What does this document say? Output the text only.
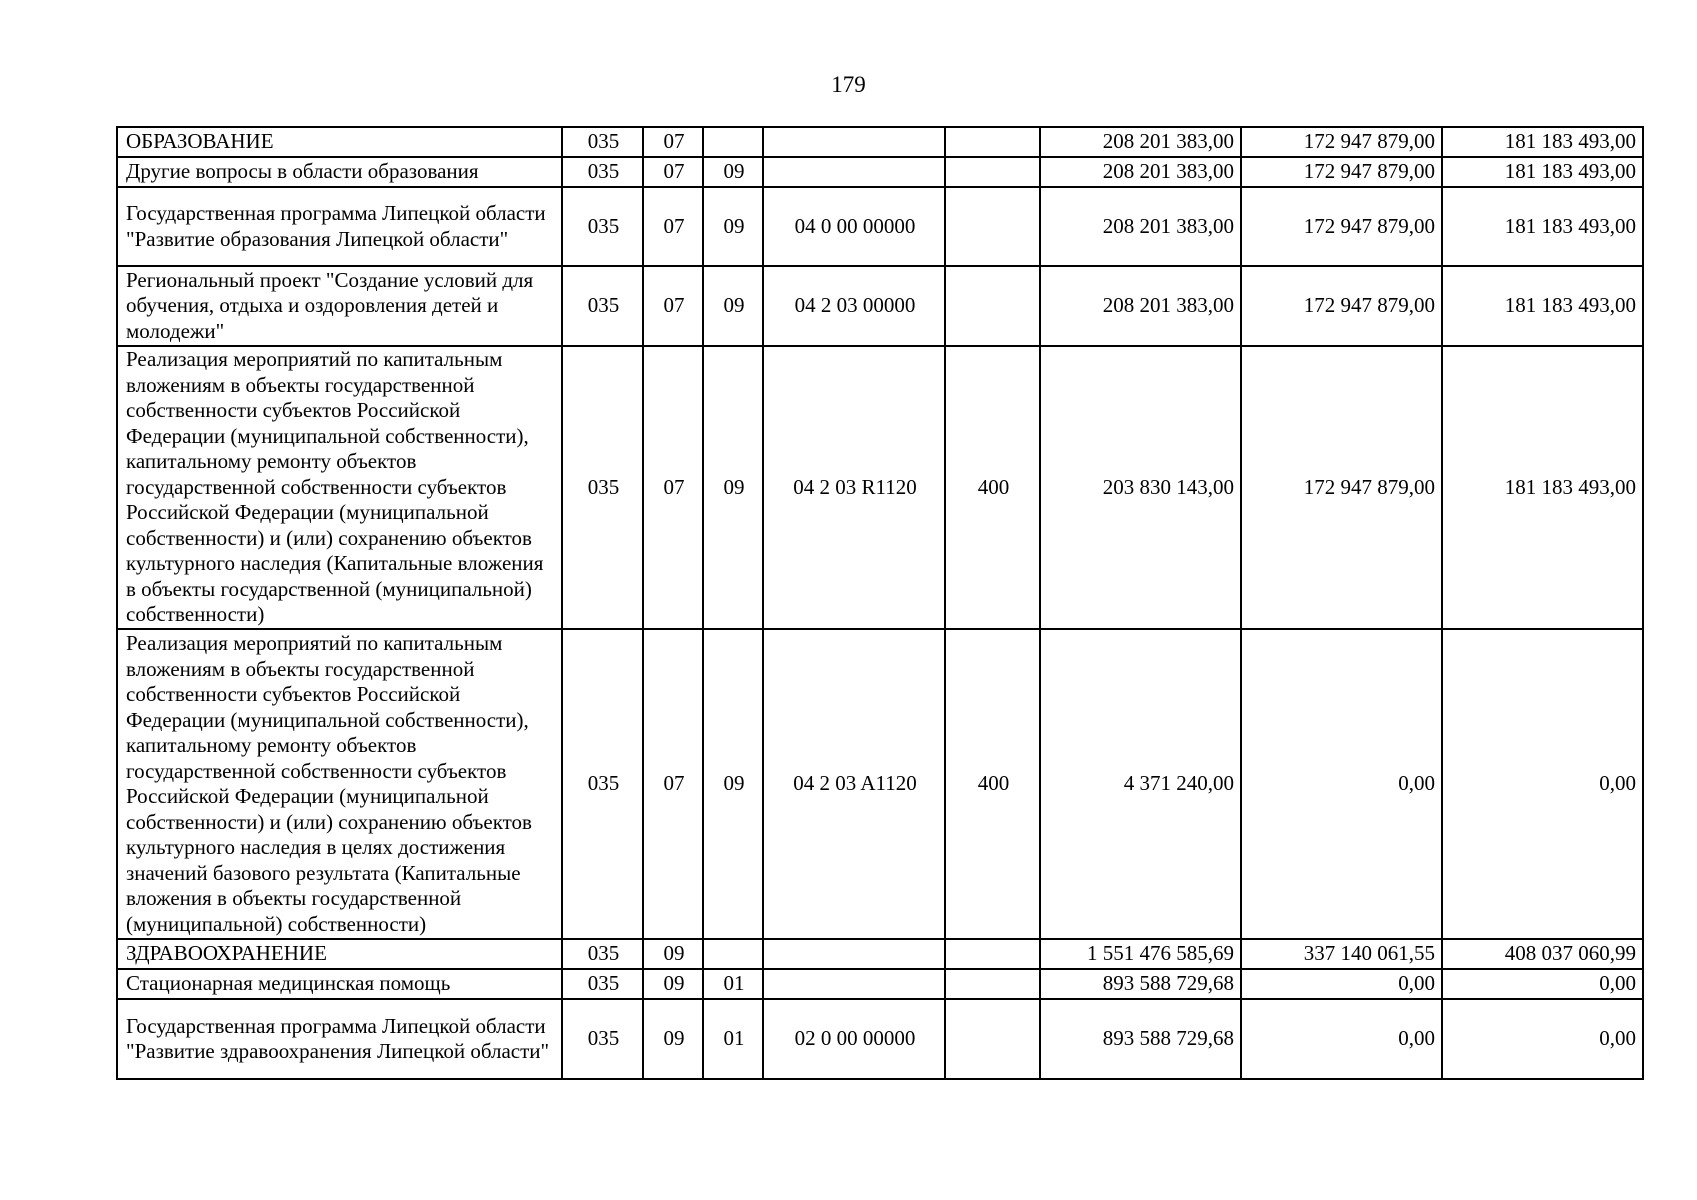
179
ОБРАЗОВАНИЕ	035	07				208 201 383,00	172 947 879,00	181 183 493,00
Другие вопросы в области образования	035	07	09			208 201 383,00	172 947 879,00	181 183 493,00
Государственная программа Липецкой области "Развитие образования Липецкой области"	035	07	09	04 0 00 00000		208 201 383,00	172 947 879,00	181 183 493,00
Региональный проект "Создание условий для обучения, отдыха и оздоровления детей и молодежи"	035	07	09	04 2 03 00000		208 201 383,00	172 947 879,00	181 183 493,00
Реализация мероприятий по капитальным вложениям в объекты государственной собственности субъектов Российской Федерации (муниципальной собственности), капитальному ремонту объектов государственной собственности субъектов Российской Федерации (муниципальной собственности) и (или) сохранению объектов культурного наследия (Капитальные вложения в объекты государственной (муниципальной) собственности)	035	07	09	04 2 03 R1120	400	203 830 143,00	172 947 879,00	181 183 493,00
Реализация мероприятий по капитальным вложениям в объекты государственной собственности субъектов Российской Федерации (муниципальной собственности), капитальному ремонту объектов государственной собственности субъектов Российской Федерации (муниципальной собственности) и (или) сохранению объектов культурного наследия в целях достижения значений базового результата (Капитальные вложения в объекты государственной (муниципальной) собственности)	035	07	09	04 2 03 A1120	400	4 371 240,00	0,00	0,00
ЗДРАВООХРАНЕНИЕ	035	09				1 551 476 585,69	337 140 061,55	408 037 060,99
Стационарная медицинская помощь	035	09	01			893 588 729,68	0,00	0,00
Государственная программа Липецкой области "Развитие здравоохранения Липецкой области"	035	09	01	02 0 00 00000		893 588 729,68	0,00	0,00
